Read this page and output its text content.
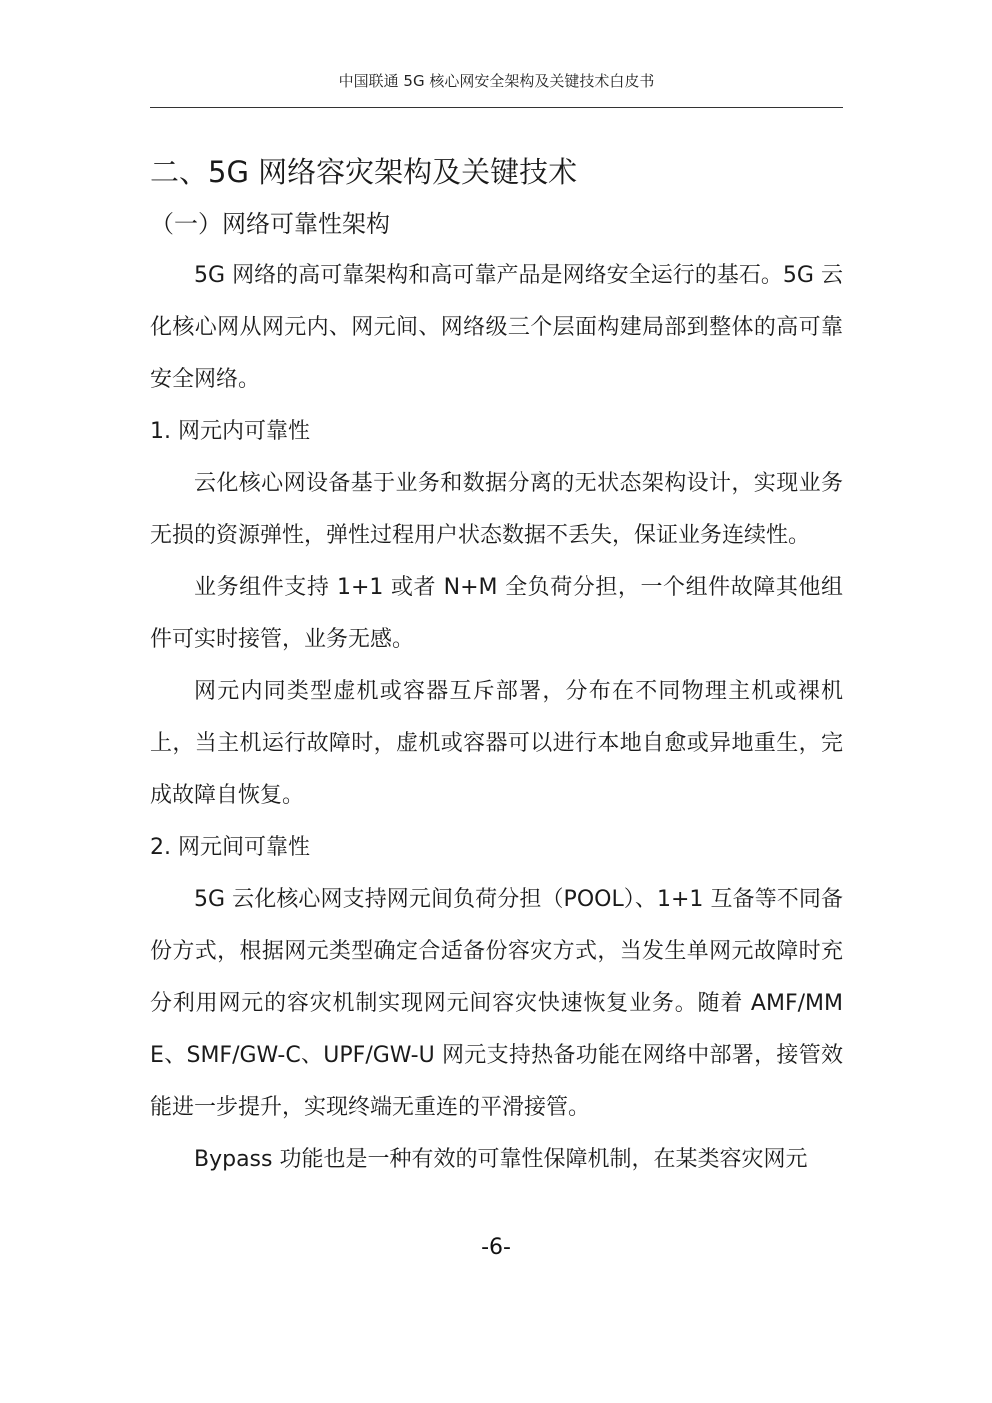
中国联通 5G 核心网安全架构及关键技术白皮书
二、5G 网络容灾架构及关键技术
（一）网络可靠性架构

5G 网络的高可靠架构和高可靠产品是网络安全运行的基石。5G 云化核心网从网元内、网元间、网络级三个层面构建局部到整体的高可靠安全网络。

1. 网元内可靠性

云化核心网设备基于业务和数据分离的无状态架构设计，实现业务无损的资源弹性，弹性过程用户状态数据不丢失，保证业务连续性。

业务组件支持 1+1 或者 N+M 全负荷分担，一个组件故障其他组件可实时接管，业务无感。

网元内同类型虚机或容器互斥部署，分布在不同物理主机或裸机上，当主机运行故障时，虚机或容器可以进行本地自愈或异地重生，完成故障自恢复。

2. 网元间可靠性

5G 云化核心网支持网元间负荷分担（POOL）、1+1 互备等不同备份方式，根据网元类型确定合适备份容灾方式，当发生单网元故障时充分利用网元的容灾机制实现网元间容灾快速恢复业务。随着 AMF/MME、SMF/GW-C、UPF/GW-U 网元支持热备功能在网络中部署，接管效能进一步提升，实现终端无重连的平滑接管。

Bypass 功能也是一种有效的可靠性保障机制，在某类容灾网元

-6-
